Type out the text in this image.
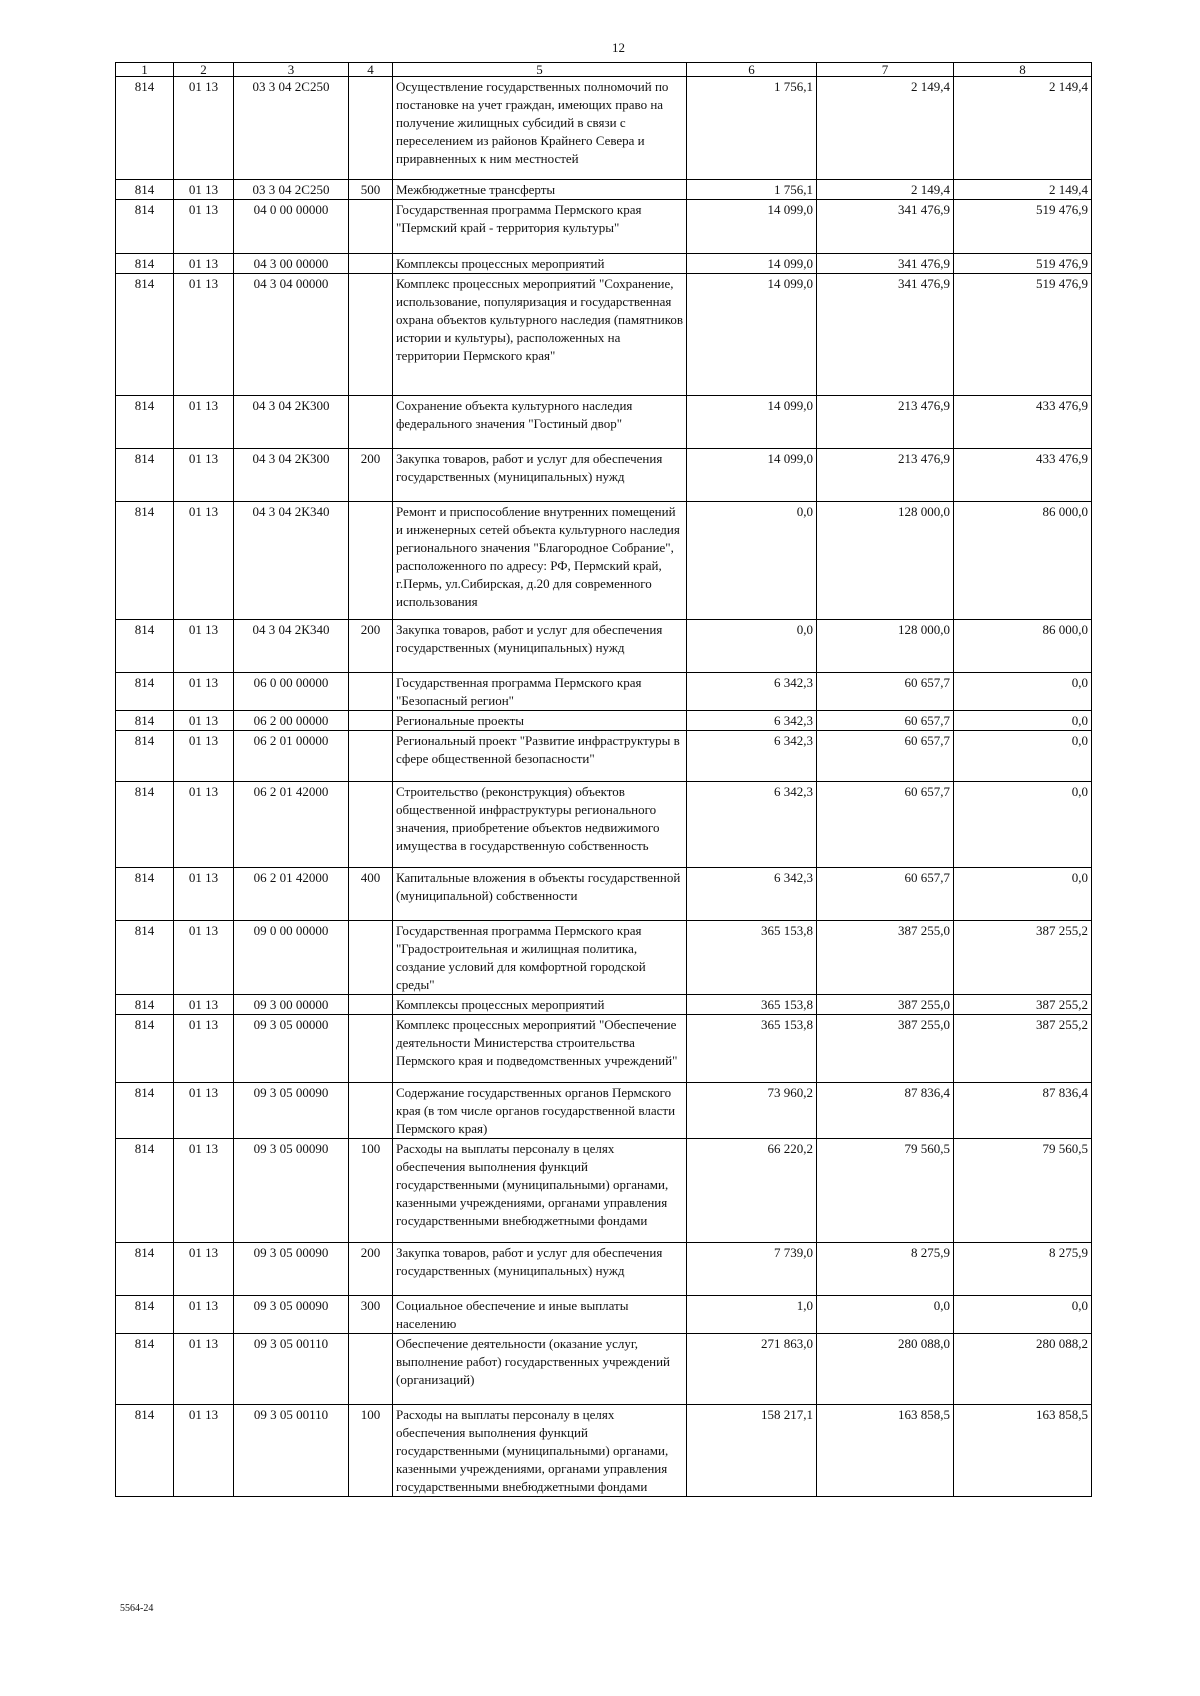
12
1	2	3	4	5	6	7	8
814	01 13	03 3 04 2С250		Осуществление государственных полномочий по постановке на учет граждан, имеющих право на получение жилищных субсидий в связи с переселением из районов Крайнего Севера и приравненных к ним местностей	1 756,1	2 149,4	2 149,4
814	01 13	03 3 04 2С250	500	Межбюджетные трансферты	1 756,1	2 149,4	2 149,4
814	01 13	04 0 00 00000		Государственная программа Пермского края "Пермский край - территория культуры"	14 099,0	341 476,9	519 476,9
814	01 13	04 3 00 00000		Комплексы процессных мероприятий	14 099,0	341 476,9	519 476,9
814	01 13	04 3 04 00000		Комплекс процессных мероприятий "Сохранение, использование, популяризация и государственная охрана объектов культурного наследия (памятников истории и культуры), расположенных на территории Пермского края"	14 099,0	341 476,9	519 476,9
814	01 13	04 3 04 2К300		Сохранение объекта культурного наследия федерального значения "Гостиный двор"	14 099,0	213 476,9	433 476,9
814	01 13	04 3 04 2К300	200	Закупка товаров, работ и услуг для обеспечения государственных (муниципальных) нужд	14 099,0	213 476,9	433 476,9
814	01 13	04 3 04 2К340		Ремонт и приспособление внутренних помещений и инженерных сетей объекта культурного наследия регионального значения "Благородное Собрание", расположенного по адресу: РФ, Пермский край, г.Пермь, ул.Сибирская, д.20 для современного использования	0,0	128 000,0	86 000,0
814	01 13	04 3 04 2К340	200	Закупка товаров, работ и услуг для обеспечения государственных (муниципальных) нужд	0,0	128 000,0	86 000,0
814	01 13	06 0 00 00000		Государственная программа Пермского края "Безопасный регион"	6 342,3	60 657,7	0,0
814	01 13	06 2 00 00000		Региональные проекты	6 342,3	60 657,7	0,0
814	01 13	06 2 01 00000		Региональный проект "Развитие инфраструктуры в сфере общественной безопасности"	6 342,3	60 657,7	0,0
814	01 13	06 2 01 42000		Строительство (реконструкция) объектов общественной инфраструктуры регионального значения, приобретение объектов недвижимого имущества в государственную собственность	6 342,3	60 657,7	0,0
814	01 13	06 2 01 42000	400	Капитальные вложения в объекты государственной (муниципальной) собственности	6 342,3	60 657,7	0,0
814	01 13	09 0 00 00000		Государственная программа Пермского края "Градостроительная и жилищная политика, создание условий для комфортной городской среды"	365 153,8	387 255,0	387 255,2
814	01 13	09 3 00 00000		Комплексы процессных мероприятий	365 153,8	387 255,0	387 255,2
814	01 13	09 3 05 00000		Комплекс процессных мероприятий "Обеспечение деятельности Министерства строительства Пермского края и подведомственных учреждений"	365 153,8	387 255,0	387 255,2
814	01 13	09 3 05 00090		Содержание государственных органов Пермского края (в том числе органов государственной власти Пермского края)	73 960,2	87 836,4	87 836,4
814	01 13	09 3 05 00090	100	Расходы на выплаты персоналу в целях обеспечения выполнения функций государственными (муниципальными) органами, казенными учреждениями, органами управления государственными внебюджетными фондами	66 220,2	79 560,5	79 560,5
814	01 13	09 3 05 00090	200	Закупка товаров, работ и услуг для обеспечения государственных (муниципальных) нужд	7 739,0	8 275,9	8 275,9
814	01 13	09 3 05 00090	300	Социальное обеспечение и иные выплаты населению	1,0	0,0	0,0
814	01 13	09 3 05 00110		Обеспечение деятельности (оказание услуг, выполнение работ) государственных учреждений (организаций)	271 863,0	280 088,0	280 088,2
814	01 13	09 3 05 00110	100	Расходы на выплаты персоналу в целях обеспечения выполнения функций государственными (муниципальными) органами, казенными учреждениями, органами управления государственными внебюджетными фондами	158 217,1	163 858,5	163 858,5
5564-24
